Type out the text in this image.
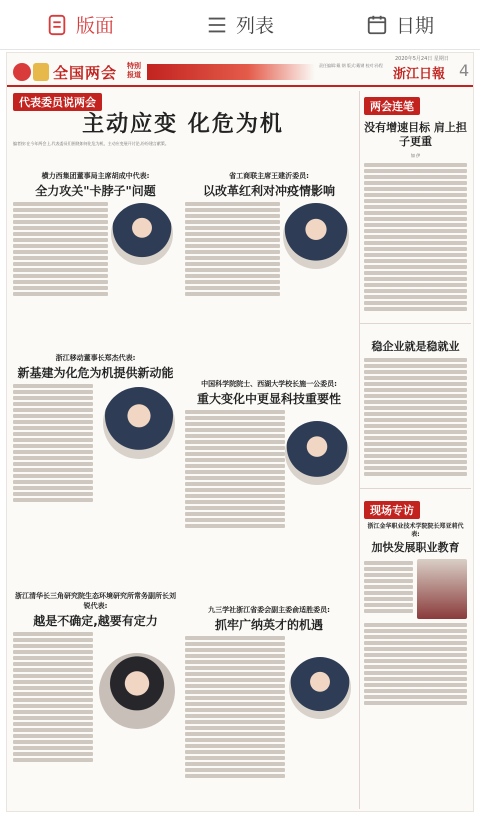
版面	列表	日期
全国两会 特别报道
责任编辑:戴 钢 版式:戴钢 校对:孙程
2020年5月24日 星期日
浙江日報 4
代表委员说两会
主动应变 化危为机
编者按:在今年两会上,代表委员们围绕如何化危为机、主动应变展开讨论,纷纷建言献策。
横力西集团董事局主席胡成中代表:
全力攻关"卡脖子"问题
省工商联主席王建沂委员:
以改革红利对冲疫情影响
浙江移动董事长郑杰代表:
新基建为化危为机提供新动能
中国科学院院士、西湖大学校长施一公委员:
重大变化中更显科技重要性
浙江清华长三角研究院生态环境研究所常务副所长刘锐代表:
越是不确定,越要有定力
九三学社浙江省委会副主委俞适胜委员:
抓牢广纳英才的机遇
两会连笔
没有增速目标 肩上担子更重
如 伊
稳企业就是稳就业
现场专访
浙江金华职业技术学院院长郑亚莉代表:
加快发展职业教育
